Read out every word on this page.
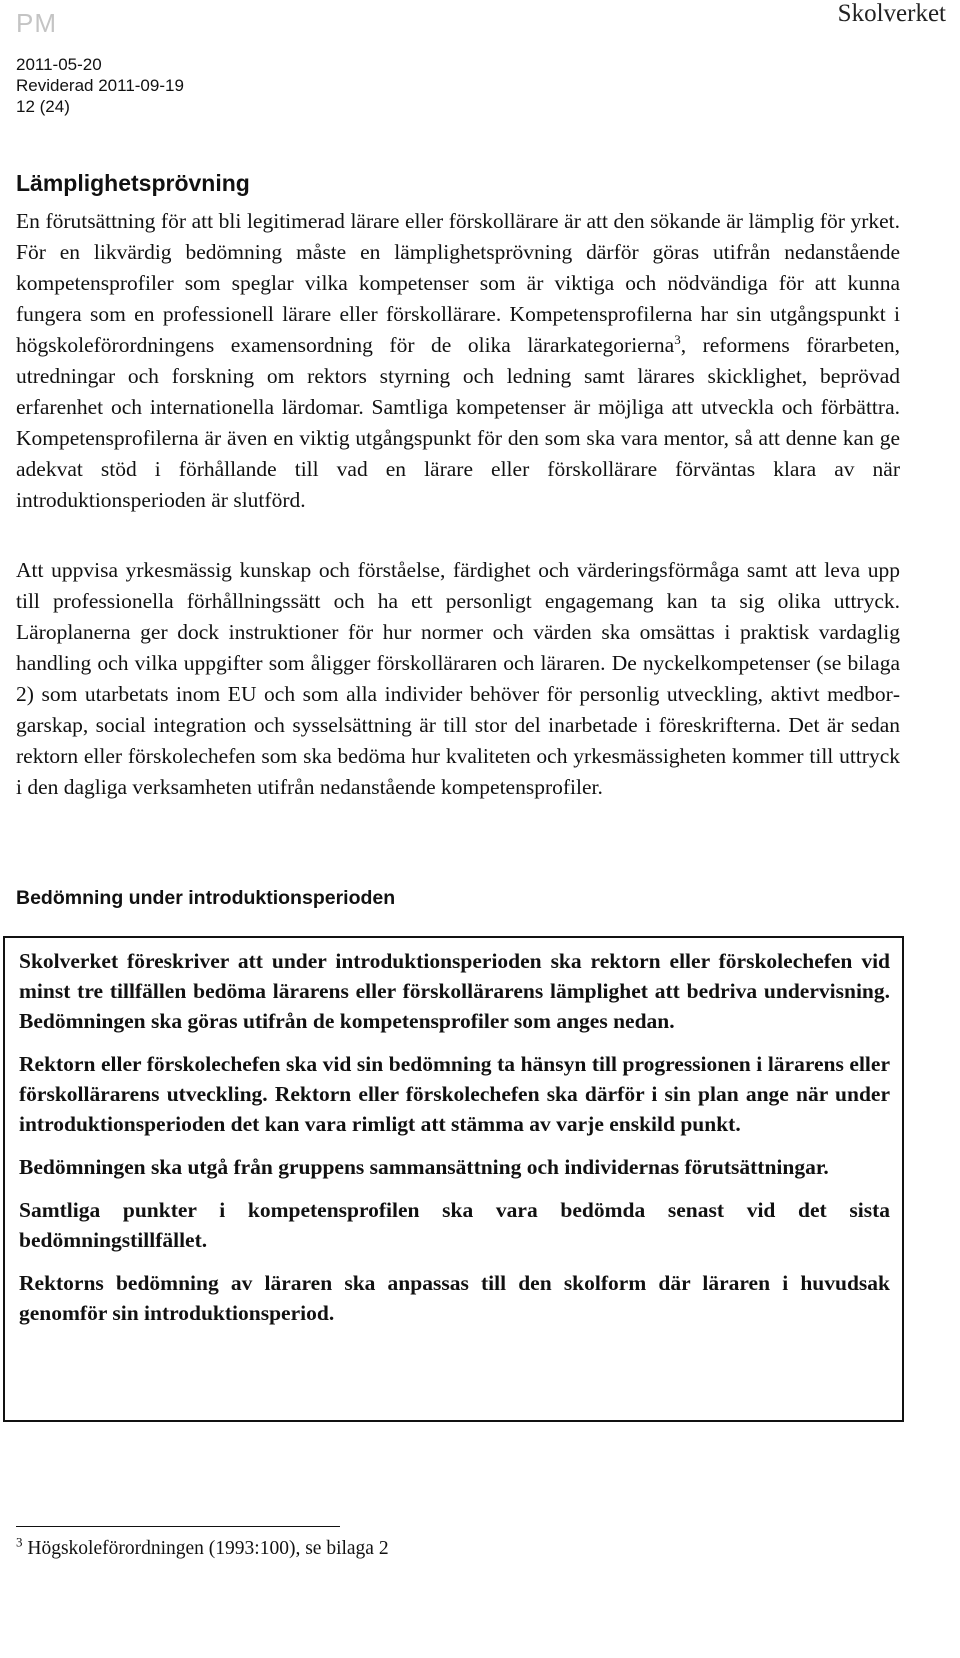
PM	Skolverket
2011-05-20
Reviderad 2011-09-19
12 (24)
Lämplighetsprövning

En förutsättning för att bli legitimerad lärare eller förskollärare är att den sökande är lämplig för yrket. För en likvärdig bedömning måste en lämplighetsprövning därför göras utifrån nedanstående kompetensprofiler som speglar vilka kompetenser som är viktiga och nödvändiga för att kunna fungera som en professionell lärare eller förskollärare. Kompetensprofilerna har sin utgångspunkt i högskoleförordningens examensordning för de olika lärarkategorierna$^3$, reformens förarbeten, utredningar och forskning om rektors styrning och ledning samt lärares skicklighet, beprövad erfarenhet och internationella lärdomar. Samtliga kompetenser är möjliga att utveckla och förbättra. Kompetensprofilerna är även en viktig utgångspunkt för den som ska vara mentor, så att denne kan ge adekvat stöd i förhållande till vad en lärare eller förskollärare förväntas klara av när introduktionsperioden är slutförd.

Att uppvisa yrkesmässig kunskap och förståelse, färdighet och värderingsförmåga samt att leva upp till professionella förhållningssätt och ha ett personligt engagemang kan ta sig olika uttryck. Läroplanerna ger dock instruktioner för hur normer och värden ska omsättas i praktisk vardaglig handling och vilka uppgifter som åligger förskolläraren och läraren. De nyckelkompetenser (se bilaga 2) som utarbetats inom EU och som alla individer behöver för personlig utveckling, aktivt medborgarskap, social integration och sysselsättning är till stor del inarbetade i föreskrifterna. Det är sedan rektorn eller förskolechefen som ska bedöma hur kvaliteten och yrkesmässigheten kommer till uttryck i den dagliga verksamheten utifrån nedanstående kompetensprofiler.

Bedömning under introduktionsperioden

Skolverket föreskriver att under introduktionsperioden ska rektorn eller förskolechefen vid minst tre tillfällen bedöma lärarens eller förskollärarens lämplighet att bedriva undervisning. Bedömningen ska göras utifrån de kompetensprofiler som anges nedan.

Rektorn eller förskolechefen ska vid sin bedömning ta hänsyn till progressionen i lärarens eller förskollärarens utveckling. Rektorn eller förskolechefen ska därför i sin plan ange när under introduktionsperioden det kan vara rimligt att stämma av varje enskild punkt.

Bedömningen ska utgå från gruppens sammansättning och individernas förutsättningar.

Samtliga punkter i kompetensprofilen ska vara bedömda senast vid det sista bedömningstillfället.

Rektorns bedömning av läraren ska anpassas till den skolform där läraren i huvudsak genomför sin introduktionsperiod.

$^3$ Högskoleförordningen (1993:100), se bilaga 2
